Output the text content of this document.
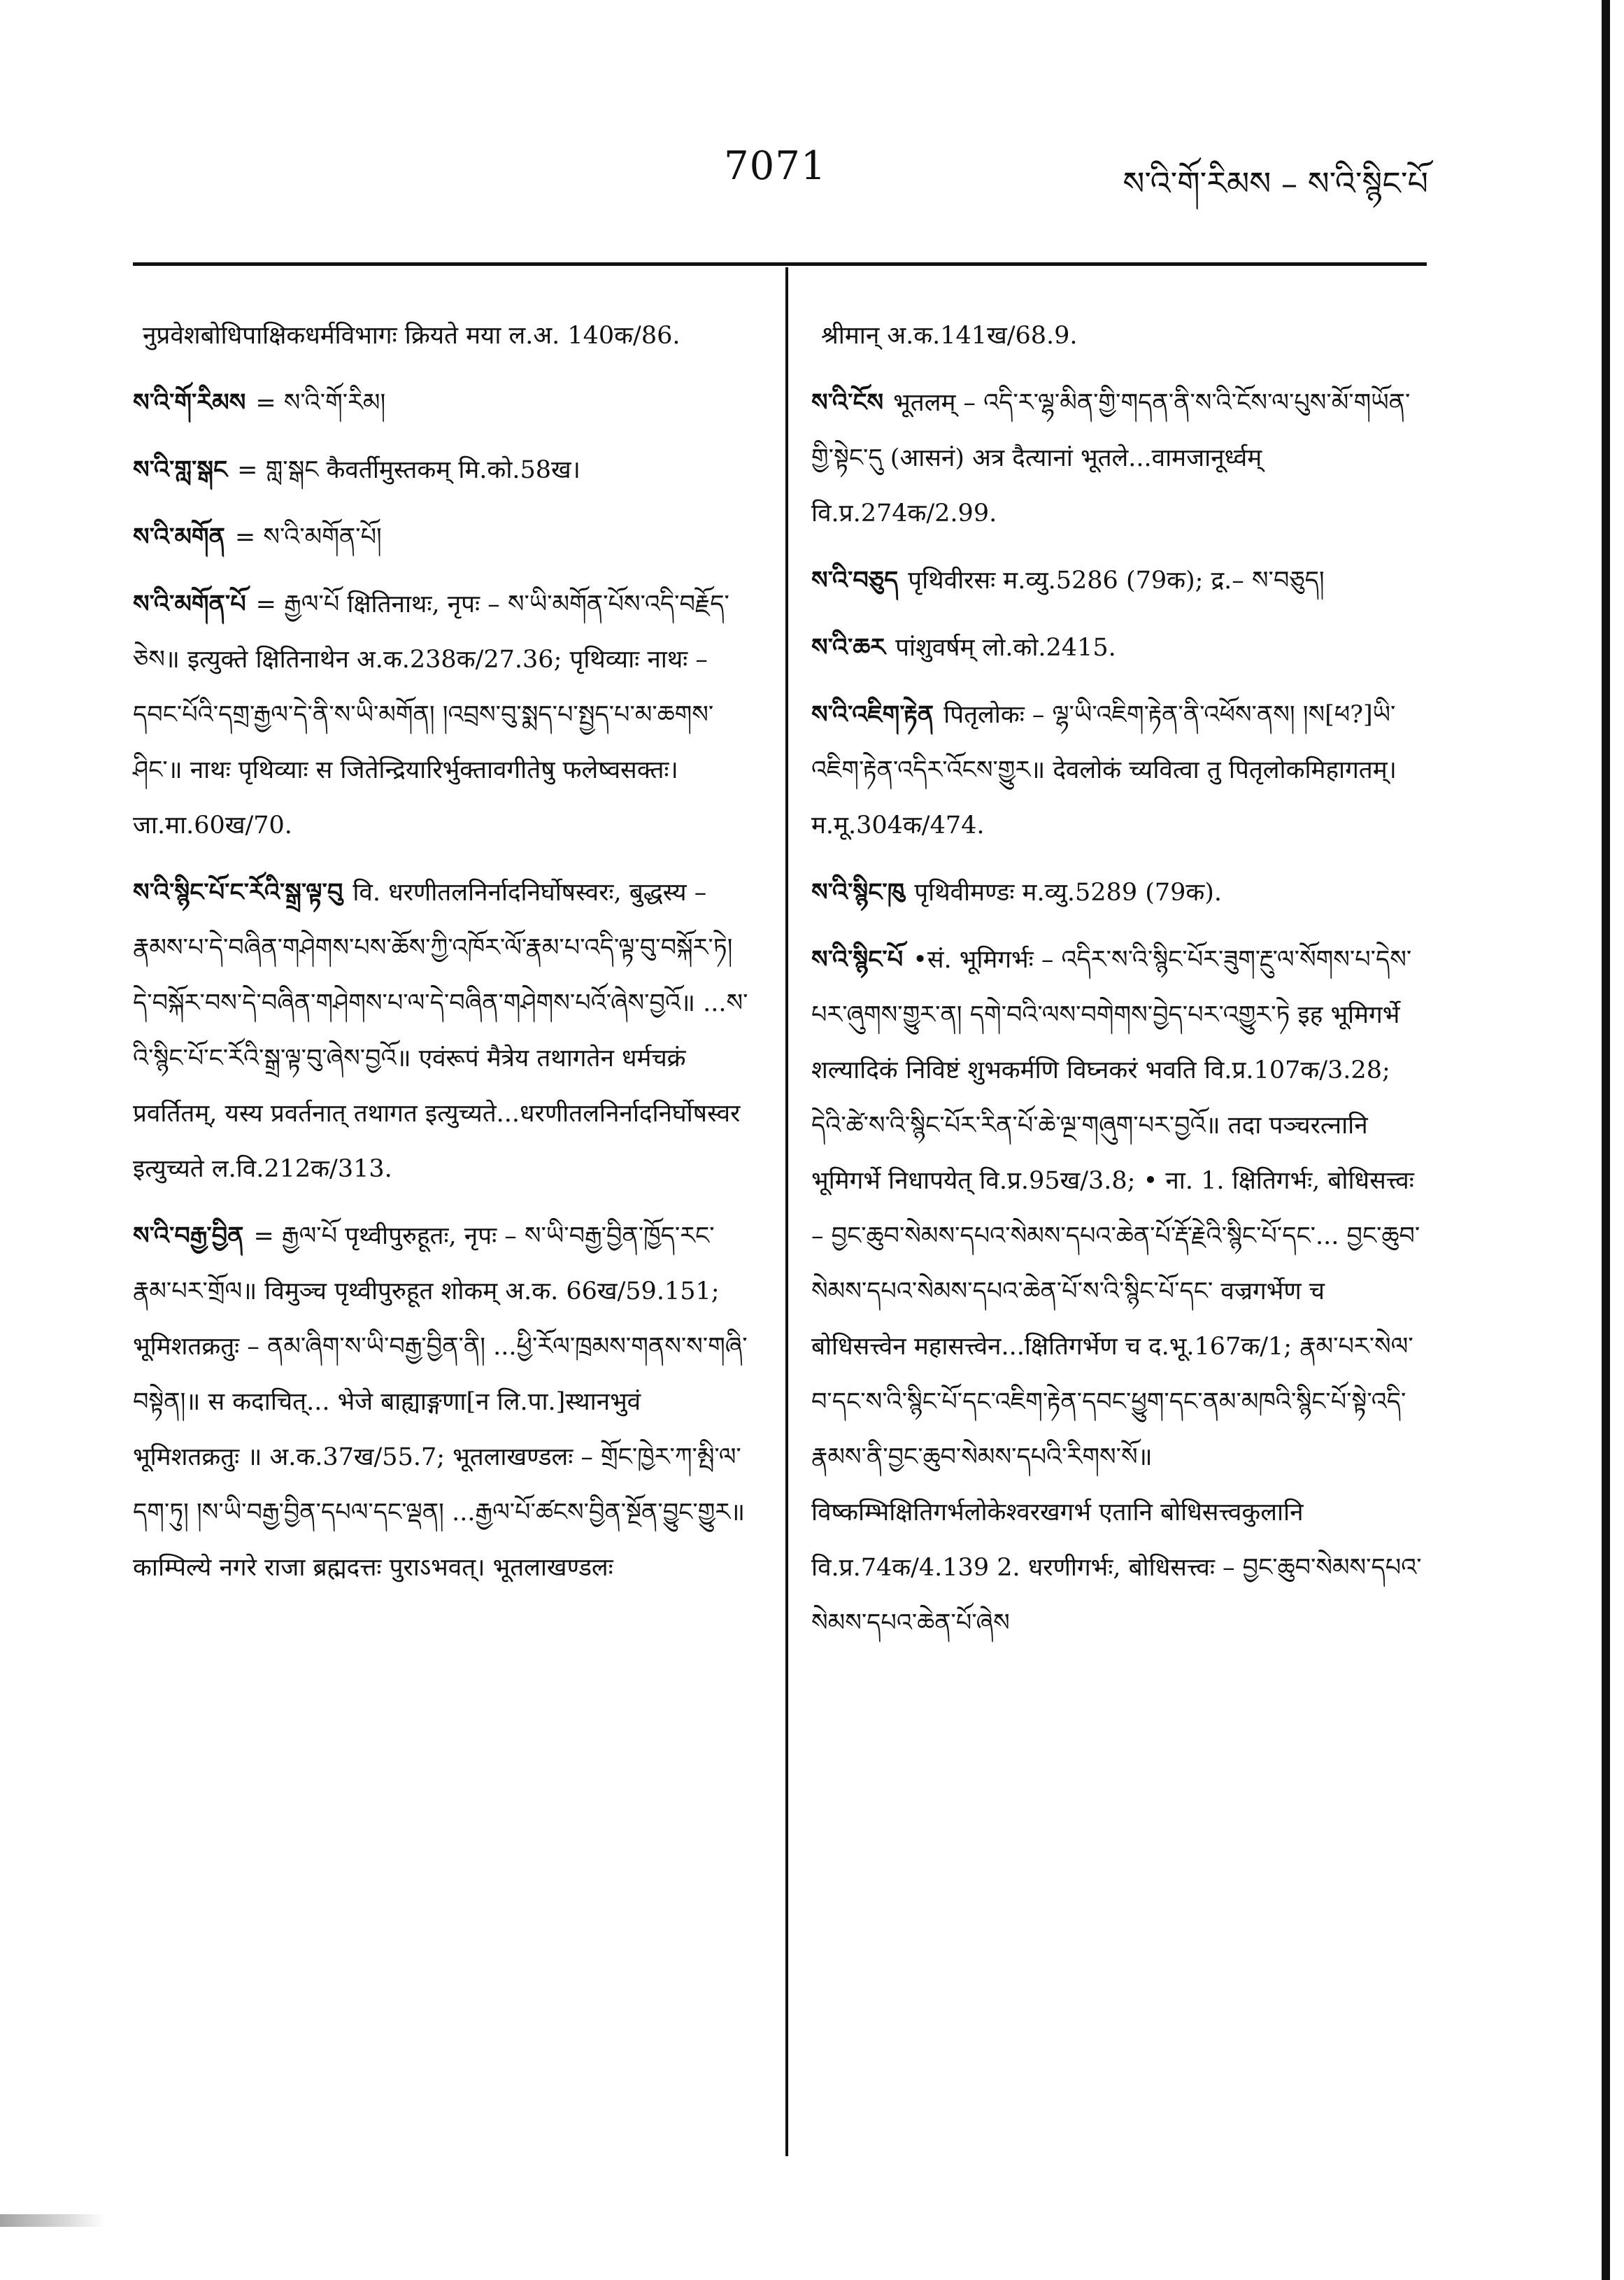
7071	ས་འི་གོ་རིམས – ས་འི་སྙིང་པོ
नुप्रवेशबोधिपाक्षिकधर्मविभागः क्रियते मया ल.अ. 140क/86.
ས་འི་གོ་རིམས = ས་འི་གོ་རིམ།
ས་འི་གླ་སྒང = གླ་སྒང कैवर्तीमुस्तकम् मि.को.58ख।
ས་འི་མགོན = ས་འི་མགོན་པོ།
ས་འི་མགོན་པོ = རྒྱལ་པོ क्षितिनाथः, नृपः – ས་ཡི་མགོན་པོས་འདི་བརྗོད་ཅེས॥ इत्युक्ते क्षितिनाथेन अ.क.238क/27.36; पृथिव्याः नाथः – དབང་པོའི་དགྲ་རྒྱལ་དེ་ནི་ས་ཡི་མགོན། །འབྲས་བུ་སྨད་པ་སྤྱད་པ་མ་ཆགས་ཤིང་॥ नाथः पृथिव्याः स जितेन्द्रियारिर्भुक्तावगीतेषु फलेष्वसक्तः। जा.मा.60ख/70.
ས་འི་སྙིང་པོ་ང་རོའི་སྒྲ་ལྟ་བུ वि. धरणीतलनिर्नादनिर्घोषस्वरः, बुद्धस्य – རྣམས་པ་དེ་བཞིན་གཤེགས་པས་ཆོས་ཀྱི་འཁོར་ལོ་རྣམ་པ་འདི་ལྟ་བུ་བསྐོར་ཏེ། དེ་བསྐོར་བས་དེ་བཞིན་གཤེགས་པ་ལ་དེ་བཞིན་གཤེགས་པའོ་ཞེས་བྱའོ॥ ...ས་འི་སྙིང་པོ་ང་རོའི་སྒྲ་ལྟ་བུ་ཞེས་བྱའོ॥ एवंरूपं मैत्रेय तथागतेन धर्मचक्रं प्रवर्तितम्, यस्य प्रवर्तनात् तथागत इत्युच्यते...धरणीतलनिर्नादनिर्घोषस्वर इत्युच्यते ल.वि.212क/313.
ས་འི་བརྒྱ་བྱིན = རྒྱལ་པོ पृथ्वीपुरुहूतः, नृपः – ས་ཡི་བརྒྱ་བྱིན་ཁྱོད་རང་རྣམ་པར་གྲོལ॥ विमुञ्च पृथ्वीपुरुहूत शोकम् अ.क. 66ख/59.151; भूमिशतक्रतुः – ནམ་ཞིག་ས་ཡི་བརྒྱ་བྱིན་ནི། ...ཕྱི་རོལ་ཁྲམས་གནས་ས་གཞི་བསྟེན།॥ स कदाचित्... भेजे बाह्याङ्गणा[न लि.पा.]स्थानभुवं भूमिशतक्रतुः ॥ अ.क.37ख/55.7; भूतलाखण्डलः – གྲོང་ཁྱེར་ཀ་མྤི་ལ་དག་ཏུ། །ས་ཡི་བརྒྱ་བྱིན་དཔལ་དང་ལྡན། ...རྒྱལ་པོ་ཚངས་བྱིན་སྔོན་བྱུང་གྱུར॥ काम्पिल्ये नगरे राजा ब्रह्मदत्तः पुराऽभवत्। भूतलाखण्डलः
श्रीमान् अ.क.141ख/68.9.
ས་འི་ངོས भूतलम् – འདི་ར་ལྷ་མིན་གྱི་གདན་ནི་ས་འི་ངོས་ལ་པུས་མོ་གཡོན་གྱི་སྟེང་དུ (आसनं) अत्र दैत्यानां भूतले...वामजानूर्ध्वम् वि.प्र.274क/2.99.
ས་འི་བཅུད पृथिवीरसः म.व्यु.5286 (79क); द्र.– ས་བཅུད།
ས་འི་ཆར पांशुवर्षम् लो.को.2415.
ས་འི་འཇིག་རྟེན पितृलोकः – ལྷ་ཡི་འཇིག་རྟེན་ནི་འཕོས་ནས། །ས[ཕ?]ཡི་འཇིག་རྟེན་འདིར་འོངས་གྱུར॥ देवलोकं च्यवित्वा तु पितृलोकमिहागतम्। म.मू.304क/474.
ས་འི་སྙིང་ཁུ पृथिवीमण्डः म.व्यु.5289 (79क).
ས་འི་སྙིང་པོ •सं. भूमिगर्भः – འདིར་ས་འི་སྙིང་པོར་ཟུག་རྔུ་ལ་སོགས་པ་དེས་པར་ཞུགས་གྱུར་ན། དགེ་བའི་ལས་བགེགས་བྱེད་པར་འགྱུར་ཏེ इह भूमिगर्भे शल्यादिकं निविष्टं शुभकर्मणि विघ्नकरं भवति वि.प्र.107क/3.28; དེའི་ཚེ་ས་འི་སྙིང་པོར་རིན་པོ་ཆེ་ལྔ་གཞུག་པར་བྱའོ॥ तदा पञ्चरत्नानि भूमिगर्भे निधापयेत् वि.प्र.95ख/3.8; • ना. 1. क्षितिगर्भः, बोधिसत्त्वः – བྱང་ཆུབ་སེམས་དཔའ་སེམས་དཔའ་ཆེན་པོ་རྡོ་རྗེའི་སྙིང་པོ་དང་... བྱང་ཆུབ་སེམས་དཔའ་སེམས་དཔའ་ཆེན་པོ་ས་འི་སྙིང་པོ་དང་ वज्रगर्भेण च बोधिसत्त्वेन महासत्त्वेन...क्षितिगर्भेण च द.भू.167क/1; རྣམ་པར་སེལ་བ་དང་ས་འི་སྙིང་པོ་དང་འཇིག་རྟེན་དབང་ཕྱུག་དང་ནམ་མཁའི་སྙིང་པོ་སྟེ་འདི་རྣམས་ནི་བྱང་ཆུབ་སེམས་དཔའི་རིགས་སོ॥ विष्कम्भिक्षितिगर्भलोकेश्वरखगर्भ एतानि बोधिसत्त्वकुलानि वि.प्र.74क/4.139 2. धरणीगर्भः, बोधिसत्त्वः – བྱང་ཆུབ་སེམས་དཔའ་སེམས་དཔའ་ཆེན་པོ་ཞེས
